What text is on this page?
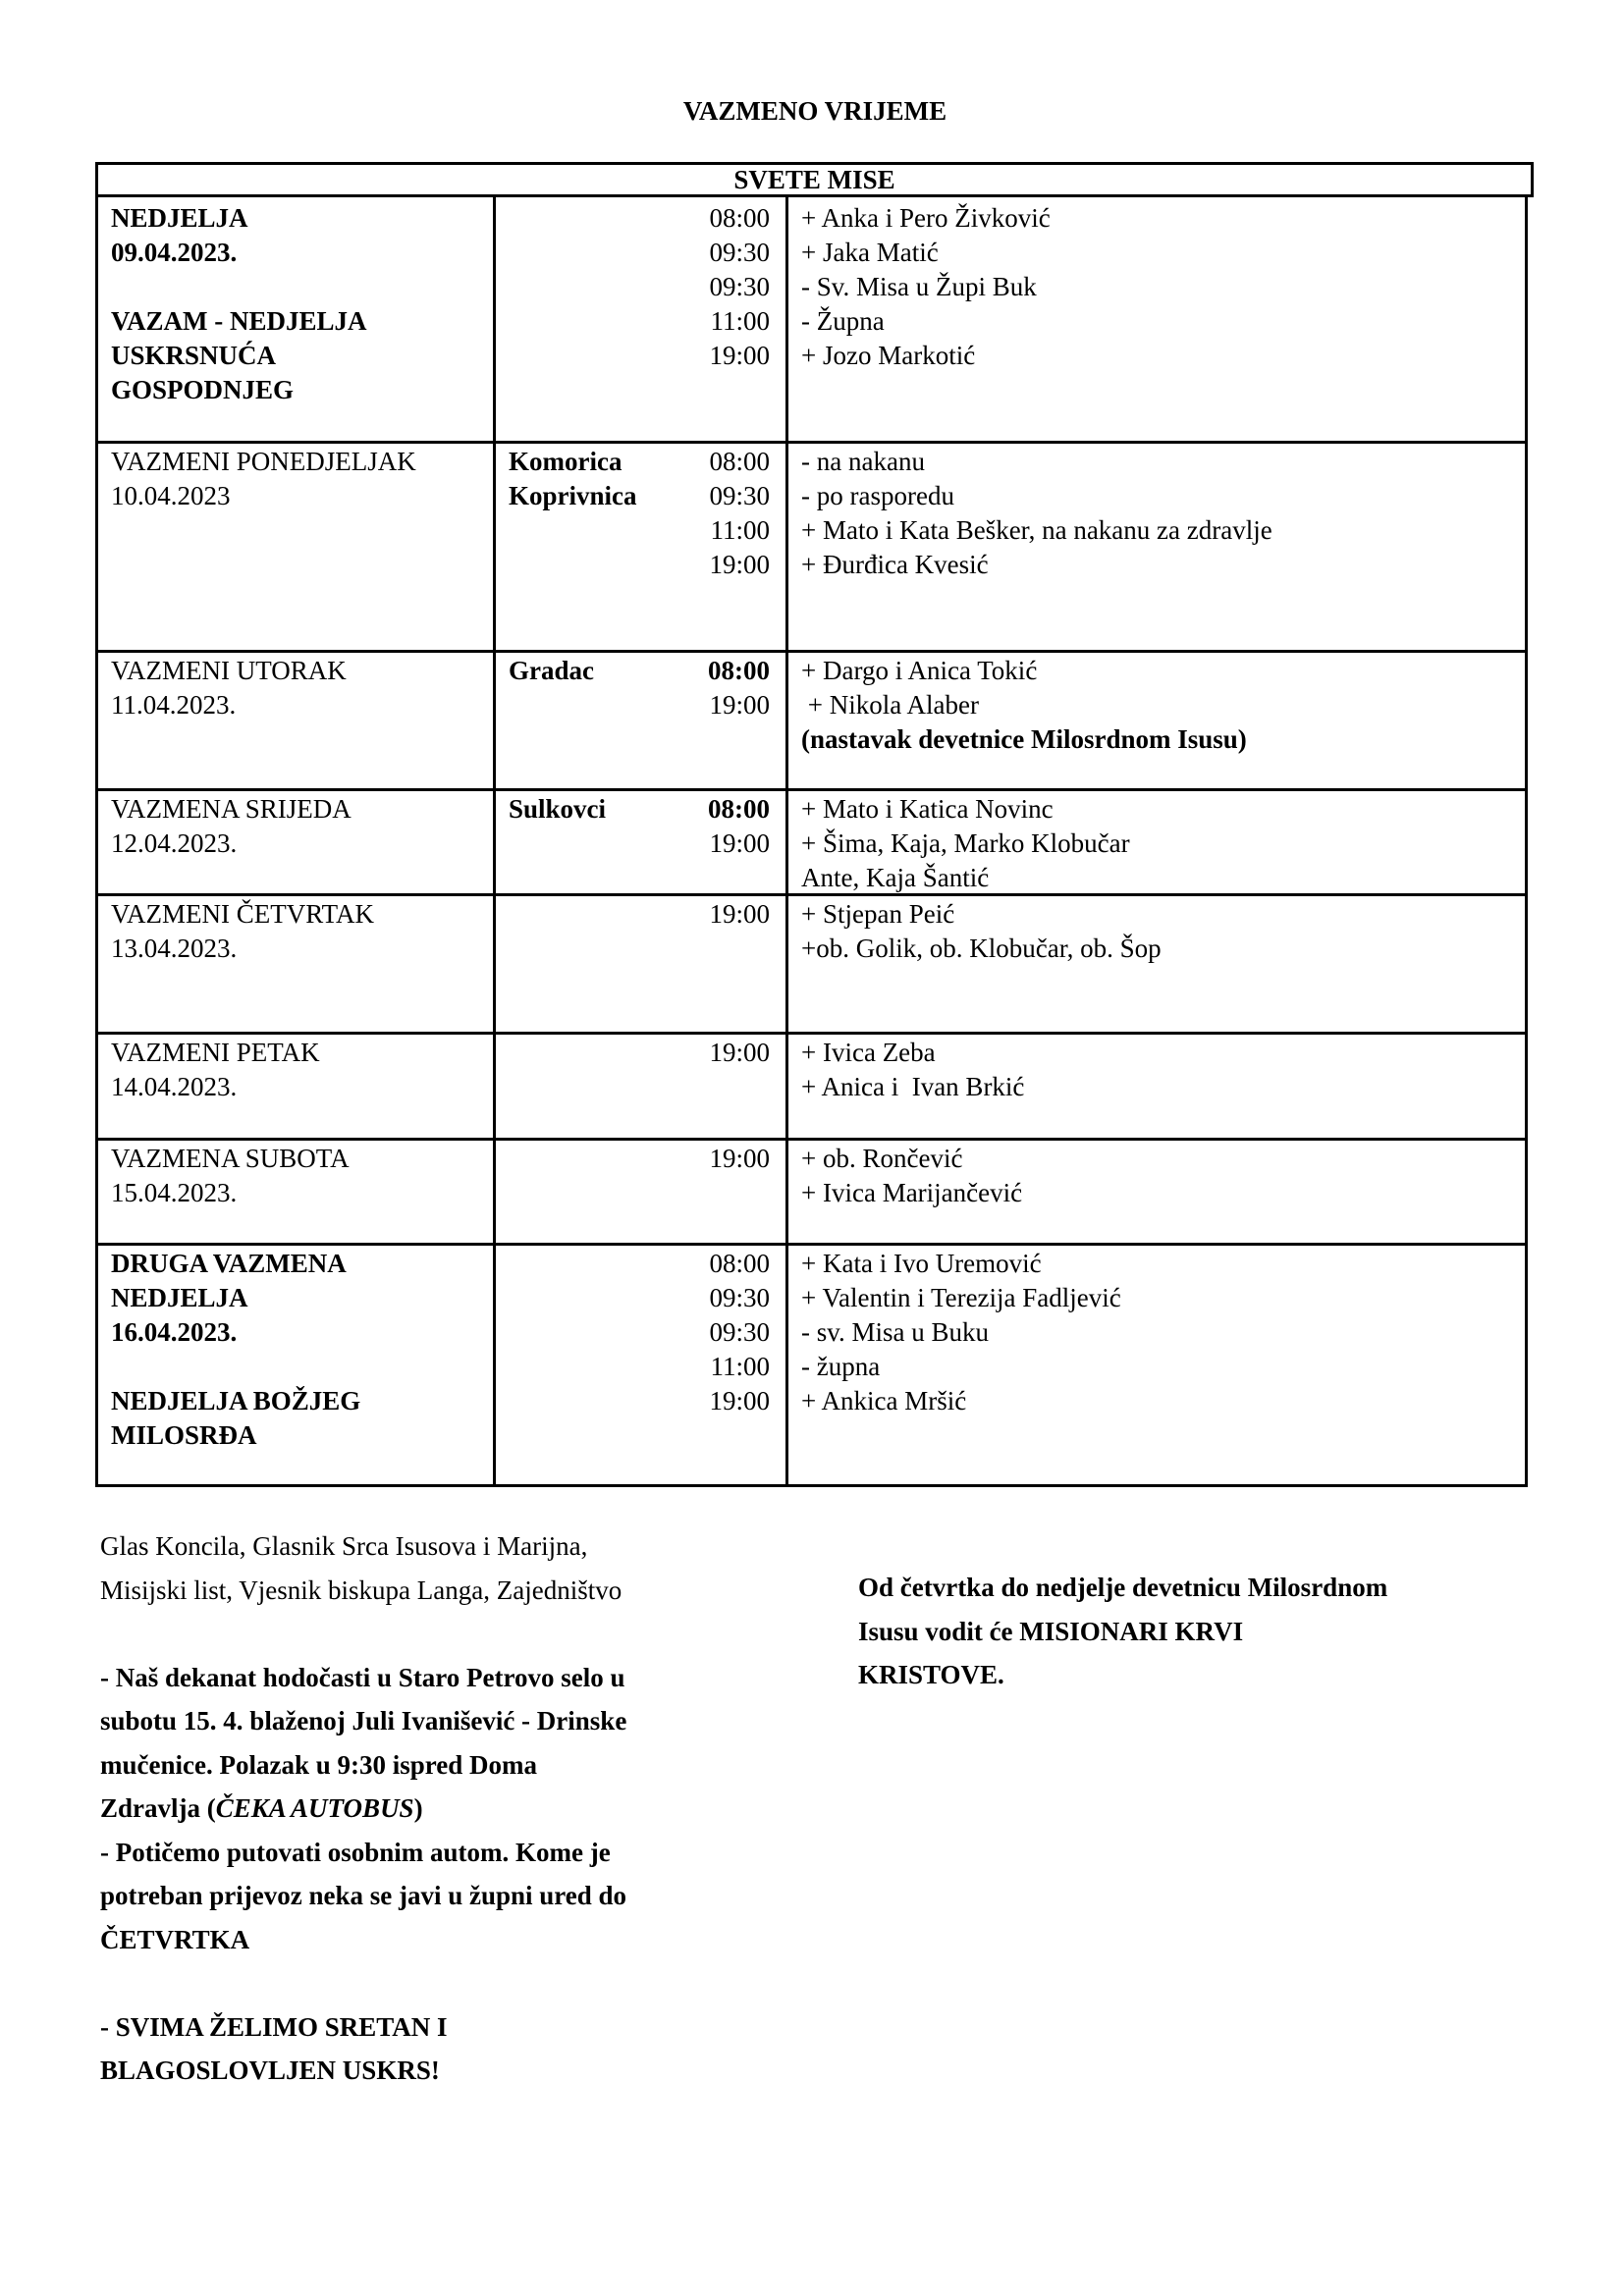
VAZMENO VRIJEME
SVETE MISE
NEDJELJA
09.04.2023.
VAZAM - NEDJELJA
USKRSNUĆA
GOSPODNJEG
08:00
09:30
09:30
11:00
19:00
+ Anka i Pero Živković
+ Jaka Matić
- Sv. Misa u Župi Buk
- Župna
+ Jozo Markotić
VAZMENI PONEDJELJAK
10.04.2023
Komorica
Koprivnica
08:00
09:30
11:00
19:00
- na nakanu
- po rasporedu
+ Mato i Kata Bešker, na nakanu za zdravlje
+ Đurđica Kvesić
VAZMENI UTORAK
11.04.2023.
Gradac	08:00
19:00
+ Dargo i Anica Tokić
+ Nikola Alaber
(nastavak devetnice Milosrdnom Isusu)
VAZMENA SRIJEDA
12.04.2023.
Sulkovci	08:00
19:00
+ Mato i Katica Novinc
+ Šima, Kaja, Marko Klobučar
Ante, Kaja Šantić
VAZMENI ČETVRTAK
13.04.2023.
19:00 + Stjepan Peić
+ob. Golik, ob. Klobučar, ob. Šop
VAZMENI PETAK
14.04.2023.
19:00 + Ivica Zeba
+ Anica i  Ivan Brkić
VAZMENA SUBOTA
15.04.2023.
19:00 + ob. Rončević
+ Ivica Marijančević
DRUGA VAZMENA
NEDJELJA
16.04.2023.
NEDJELJA BOŽJEG
MILOSRĐA
08:00
09:30
09:30
11:00
19:00
+ Kata i Ivo Uremović
+ Valentin i Terezija Fadljević
- sv. Misa u Buku
- župna
+ Ankica Mršić

Glas Koncila, Glasnik Srca Isusova i Marijna,

Misijski list, Vjesnik biskupa Langa, Zajedništvo

- Naš dekanat hodočasti u Staro Petrovo selo u

subotu 15. 4. blaženoj Juli Ivanišević - Drinske

mučenice. Polazak u 9:30 ispred Doma

Zdravlja (ČEKA AUTOBUS)

- Potičemo putovati osobnim autom. Kome je

potreban prijevoz neka se javi u župni ured do

ČETVRTKA

- SVIMA ŽELIMO SRETAN I

BLAGOSLOVLJEN USKRS!

Od četvrtka do nedjelje devetnicu Milosrdnom

Isusu vodit će MISIONARI KRVI

KRISTOVE.
